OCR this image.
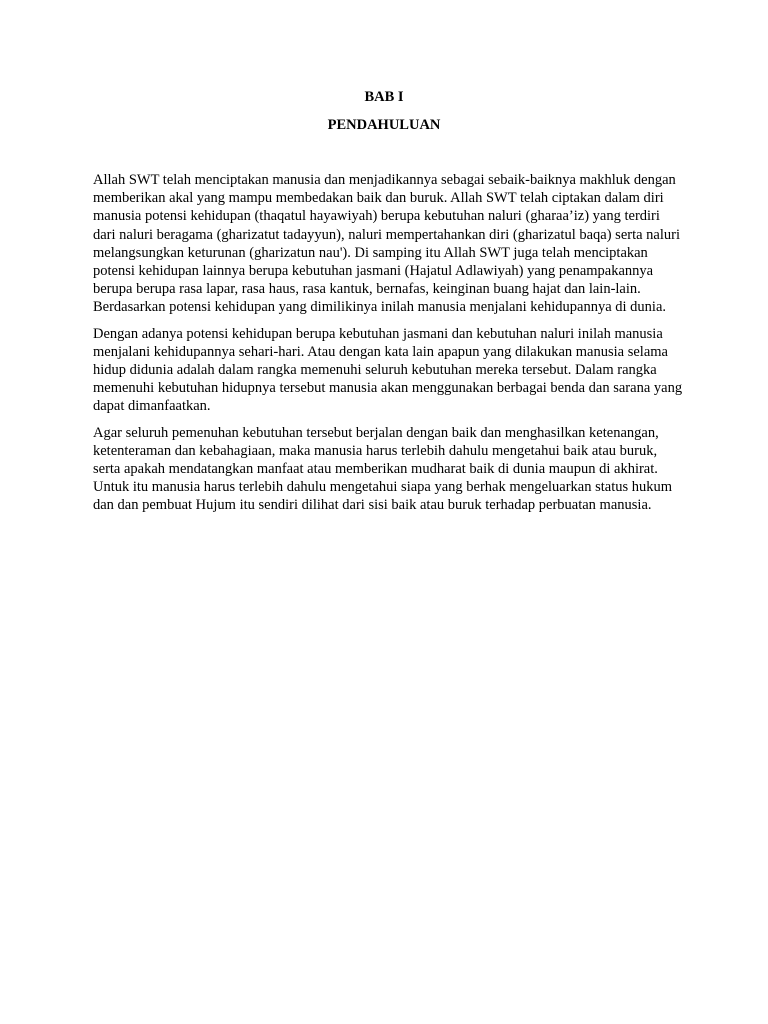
BAB I
PENDAHULUAN

Allah SWT telah menciptakan manusia dan menjadikannya sebagai sebaik-baiknya makhluk dengan memberikan akal yang mampu membedakan baik dan buruk. Allah SWT telah ciptakan dalam diri manusia potensi kehidupan (thaqatul hayawiyah) berupa kebutuhan naluri (gharaa’iz) yang terdiri dari naluri beragama (gharizatut tadayyun), naluri mempertahankan diri (gharizatul baqa) serta naluri melangsungkan keturunan (gharizatun nau'). Di samping itu Allah SWT juga telah menciptakan potensi kehidupan lainnya berupa kebutuhan jasmani (Hajatul Adlawiyah) yang penampakannya berupa berupa rasa lapar, rasa haus, rasa kantuk, bernafas, keinginan buang hajat dan lain-lain. Berdasarkan potensi kehidupan yang dimilikinya inilah manusia menjalani kehidupannya di dunia.

Dengan adanya potensi kehidupan berupa kebutuhan jasmani dan kebutuhan naluri inilah manusia menjalani kehidupannya sehari-hari. Atau dengan kata lain apapun yang dilakukan manusia selama hidup didunia adalah dalam rangka memenuhi seluruh kebutuhan mereka tersebut. Dalam rangka memenuhi kebutuhan hidupnya tersebut manusia akan menggunakan berbagai benda dan sarana yang dapat dimanfaatkan.

Agar seluruh pemenuhan kebutuhan tersebut berjalan dengan baik dan menghasilkan ketenangan, ketenteraman dan kebahagiaan, maka manusia harus terlebih dahulu mengetahui baik atau buruk, serta apakah mendatangkan manfaat atau memberikan mudharat baik di dunia maupun di akhirat. Untuk itu manusia harus terlebih dahulu mengetahui siapa yang berhak mengeluarkan status hukum dan dan pembuat Hujum itu sendiri dilihat dari sisi baik atau buruk terhadap perbuatan manusia.
